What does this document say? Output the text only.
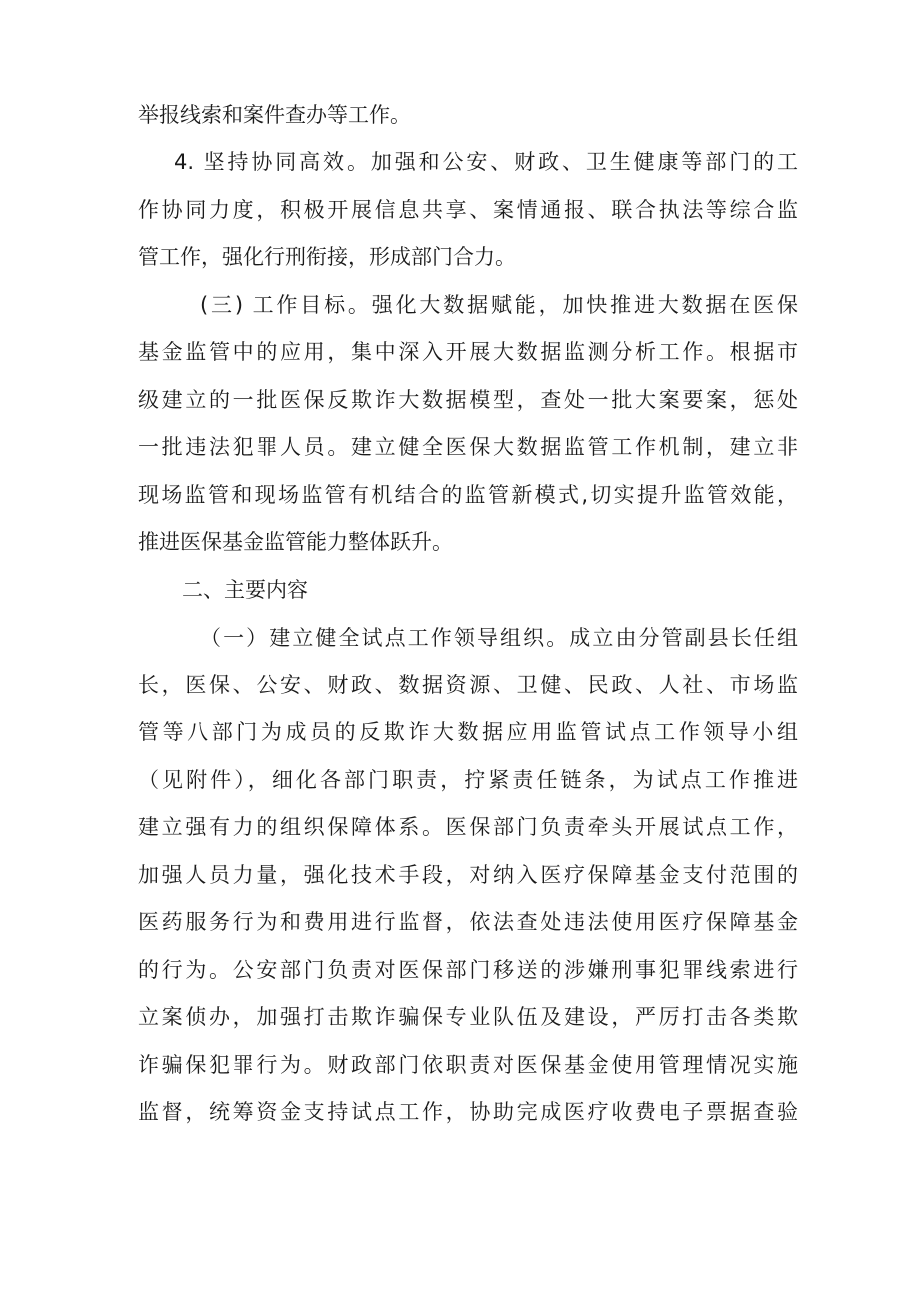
举报线索和案件查办等工作。
4. 坚持协同高效。加强和公安、财政、卫生健康等部门的工
作协同力度，积极开展信息共享、案情通报、联合执法等综合监
管工作，强化行刑衔接，形成部门合力。
(三) 工作目标。强化大数据赋能，加快推进大数据在医保
基金监管中的应用，集中深入开展大数据监测分析工作。根据市
级建立的一批医保反欺诈大数据模型，查处一批大案要案，惩处
一批违法犯罪人员。建立健全医保大数据监管工作机制，建立非
现场监管和现场监管有机结合的监管新模式,切实提升监管效能，
推进医保基金监管能力整体跃升。
二、主要内容
（一）建立健全试点工作领导组织。成立由分管副县长任组
长，医保、公安、财政、数据资源、卫健、民政、人社、市场监
管等八部门为成员的反欺诈大数据应用监管试点工作领导小组
（见附件），细化各部门职责，拧紧责任链条，为试点工作推进
建立强有力的组织保障体系。医保部门负责牵头开展试点工作，
加强人员力量，强化技术手段，对纳入医疗保障基金支付范围的
医药服务行为和费用进行监督，依法查处违法使用医疗保障基金
的行为。公安部门负责对医保部门移送的涉嫌刑事犯罪线索进行
立案侦办，加强打击欺诈骗保专业队伍及建设，严厉打击各类欺
诈骗保犯罪行为。财政部门依职责对医保基金使用管理情况实施
监督，统筹资金支持试点工作，协助完成医疗收费电子票据查验
